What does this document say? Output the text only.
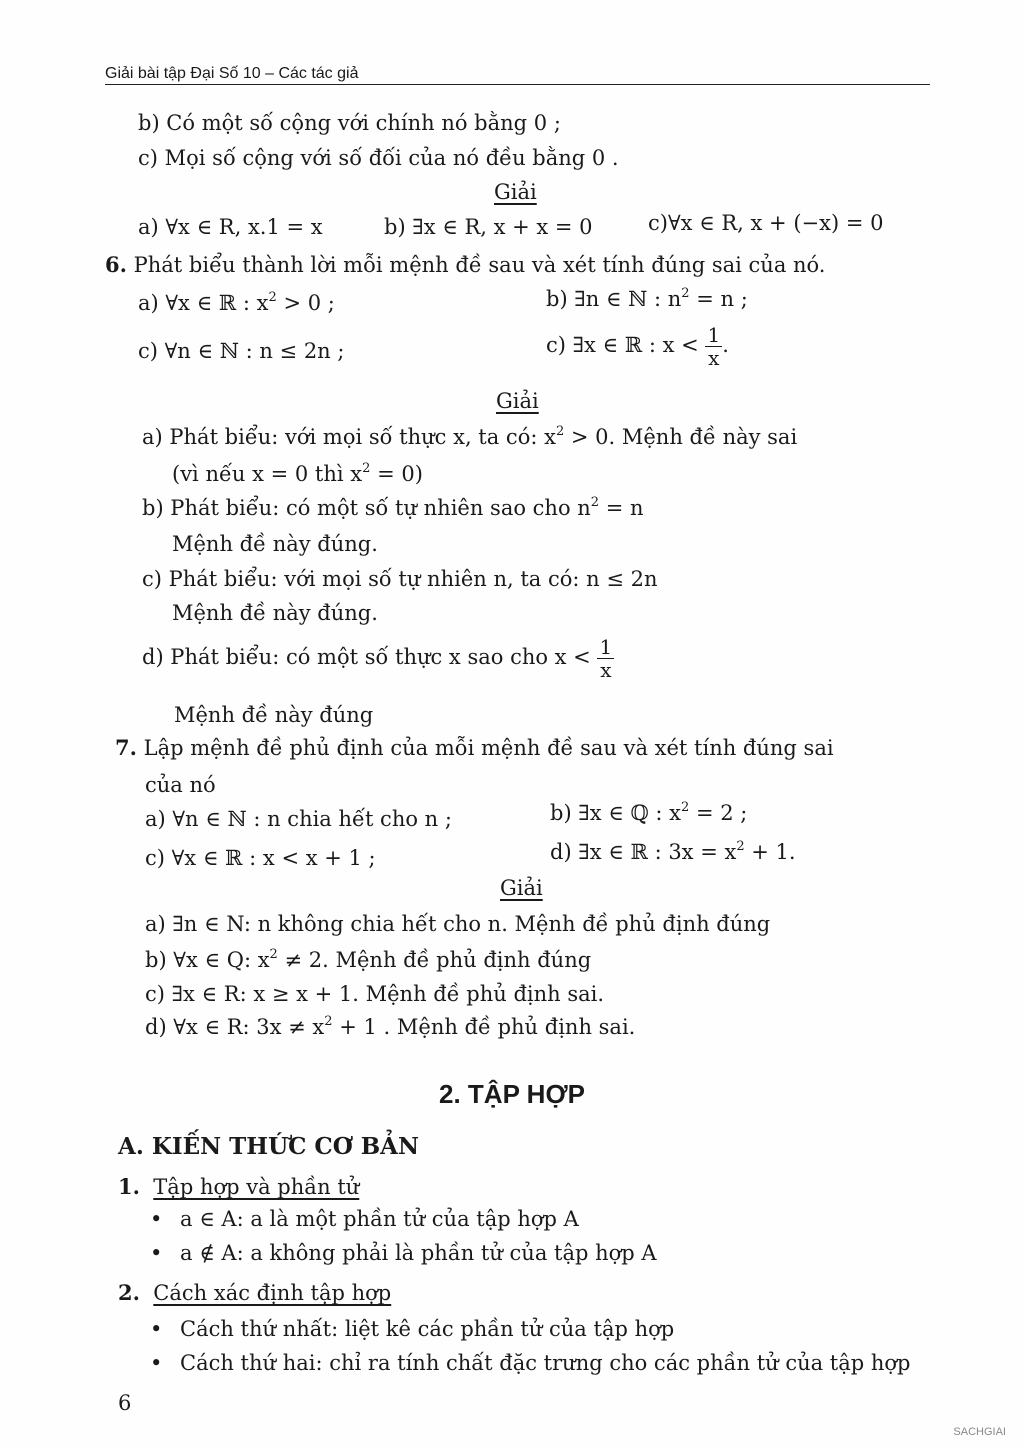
Giải bài tập Đại Số 10 – Các tác giả
b) Có một số cộng với chính nó bằng 0 ;
c) Mọi số cộng với số đối của nó đều bằng 0 .
Giải
a) ∀x ∈ R, x.1 = x	b) ∃x ∈ R, x + x = 0	c)∀x ∈ R, x + (−x) = 0
6. Phát biểu thành lời mỗi mệnh đề sau và xét tính đúng sai của nó.
a) ∀x ∈ ℝ : $x^2 > 0$ ;	b) ∃n ∈ ℕ : $n^2 = n$ ;
c) ∀n ∈ ℕ : n ≤ 2n ;	c) ∃x ∈ ℝ : $x < \frac{1}{x}$ .
Giải
a) Phát biểu: với mọi số thực x, ta có: $x^2 > 0$. Mệnh đề này sai
(vì nếu x = 0 thì $x^2 = 0$)
b) Phát biểu: có một số tự nhiên sao cho $n^2 = n$
Mệnh đề này đúng.
c) Phát biểu: với mọi số tự nhiên n, ta có: n ≤ 2n
Mệnh đề này đúng.
d) Phát biểu: có một số thực x sao cho $x < \frac{1}{x}$
Mệnh đề này đúng
7. Lập mệnh đề phủ định của mỗi mệnh đề sau và xét tính đúng sai
của nó
a) ∀n ∈ ℕ : n chia hết cho n ;	b) ∃x ∈ ℚ : $x^2 = 2$ ;
c) ∀x ∈ ℝ : x < x + 1 ;	d) ∃x ∈ ℝ : $3x = x^2 + 1$.
Giải
a) ∃n ∈ N: n không chia hết cho n. Mệnh đề phủ định đúng
b) ∀x ∈ Q: $x^2 \ne 2$. Mệnh đề phủ định đúng
c) ∃x ∈ R: x ≥ x + 1. Mệnh đề phủ định sai.
d) ∀x ∈ R: $3x \ne x^2 + 1$ . Mệnh đề phủ định sai.
2. TẬP HỢP
A. KIẾN THỨC CƠ BẢN
1. Tập hợp và phần tử
• a ∈ A: a là một phần tử của tập hợp A
• a ∉ A: a không phải là phần tử của tập hợp A
2. Cách xác định tập hợp
• Cách thứ nhất: liệt kê các phần tử của tập hợp
• Cách thứ hai: chỉ ra tính chất đặc trưng cho các phần tử của tập hợp
6
SACHGIAI
